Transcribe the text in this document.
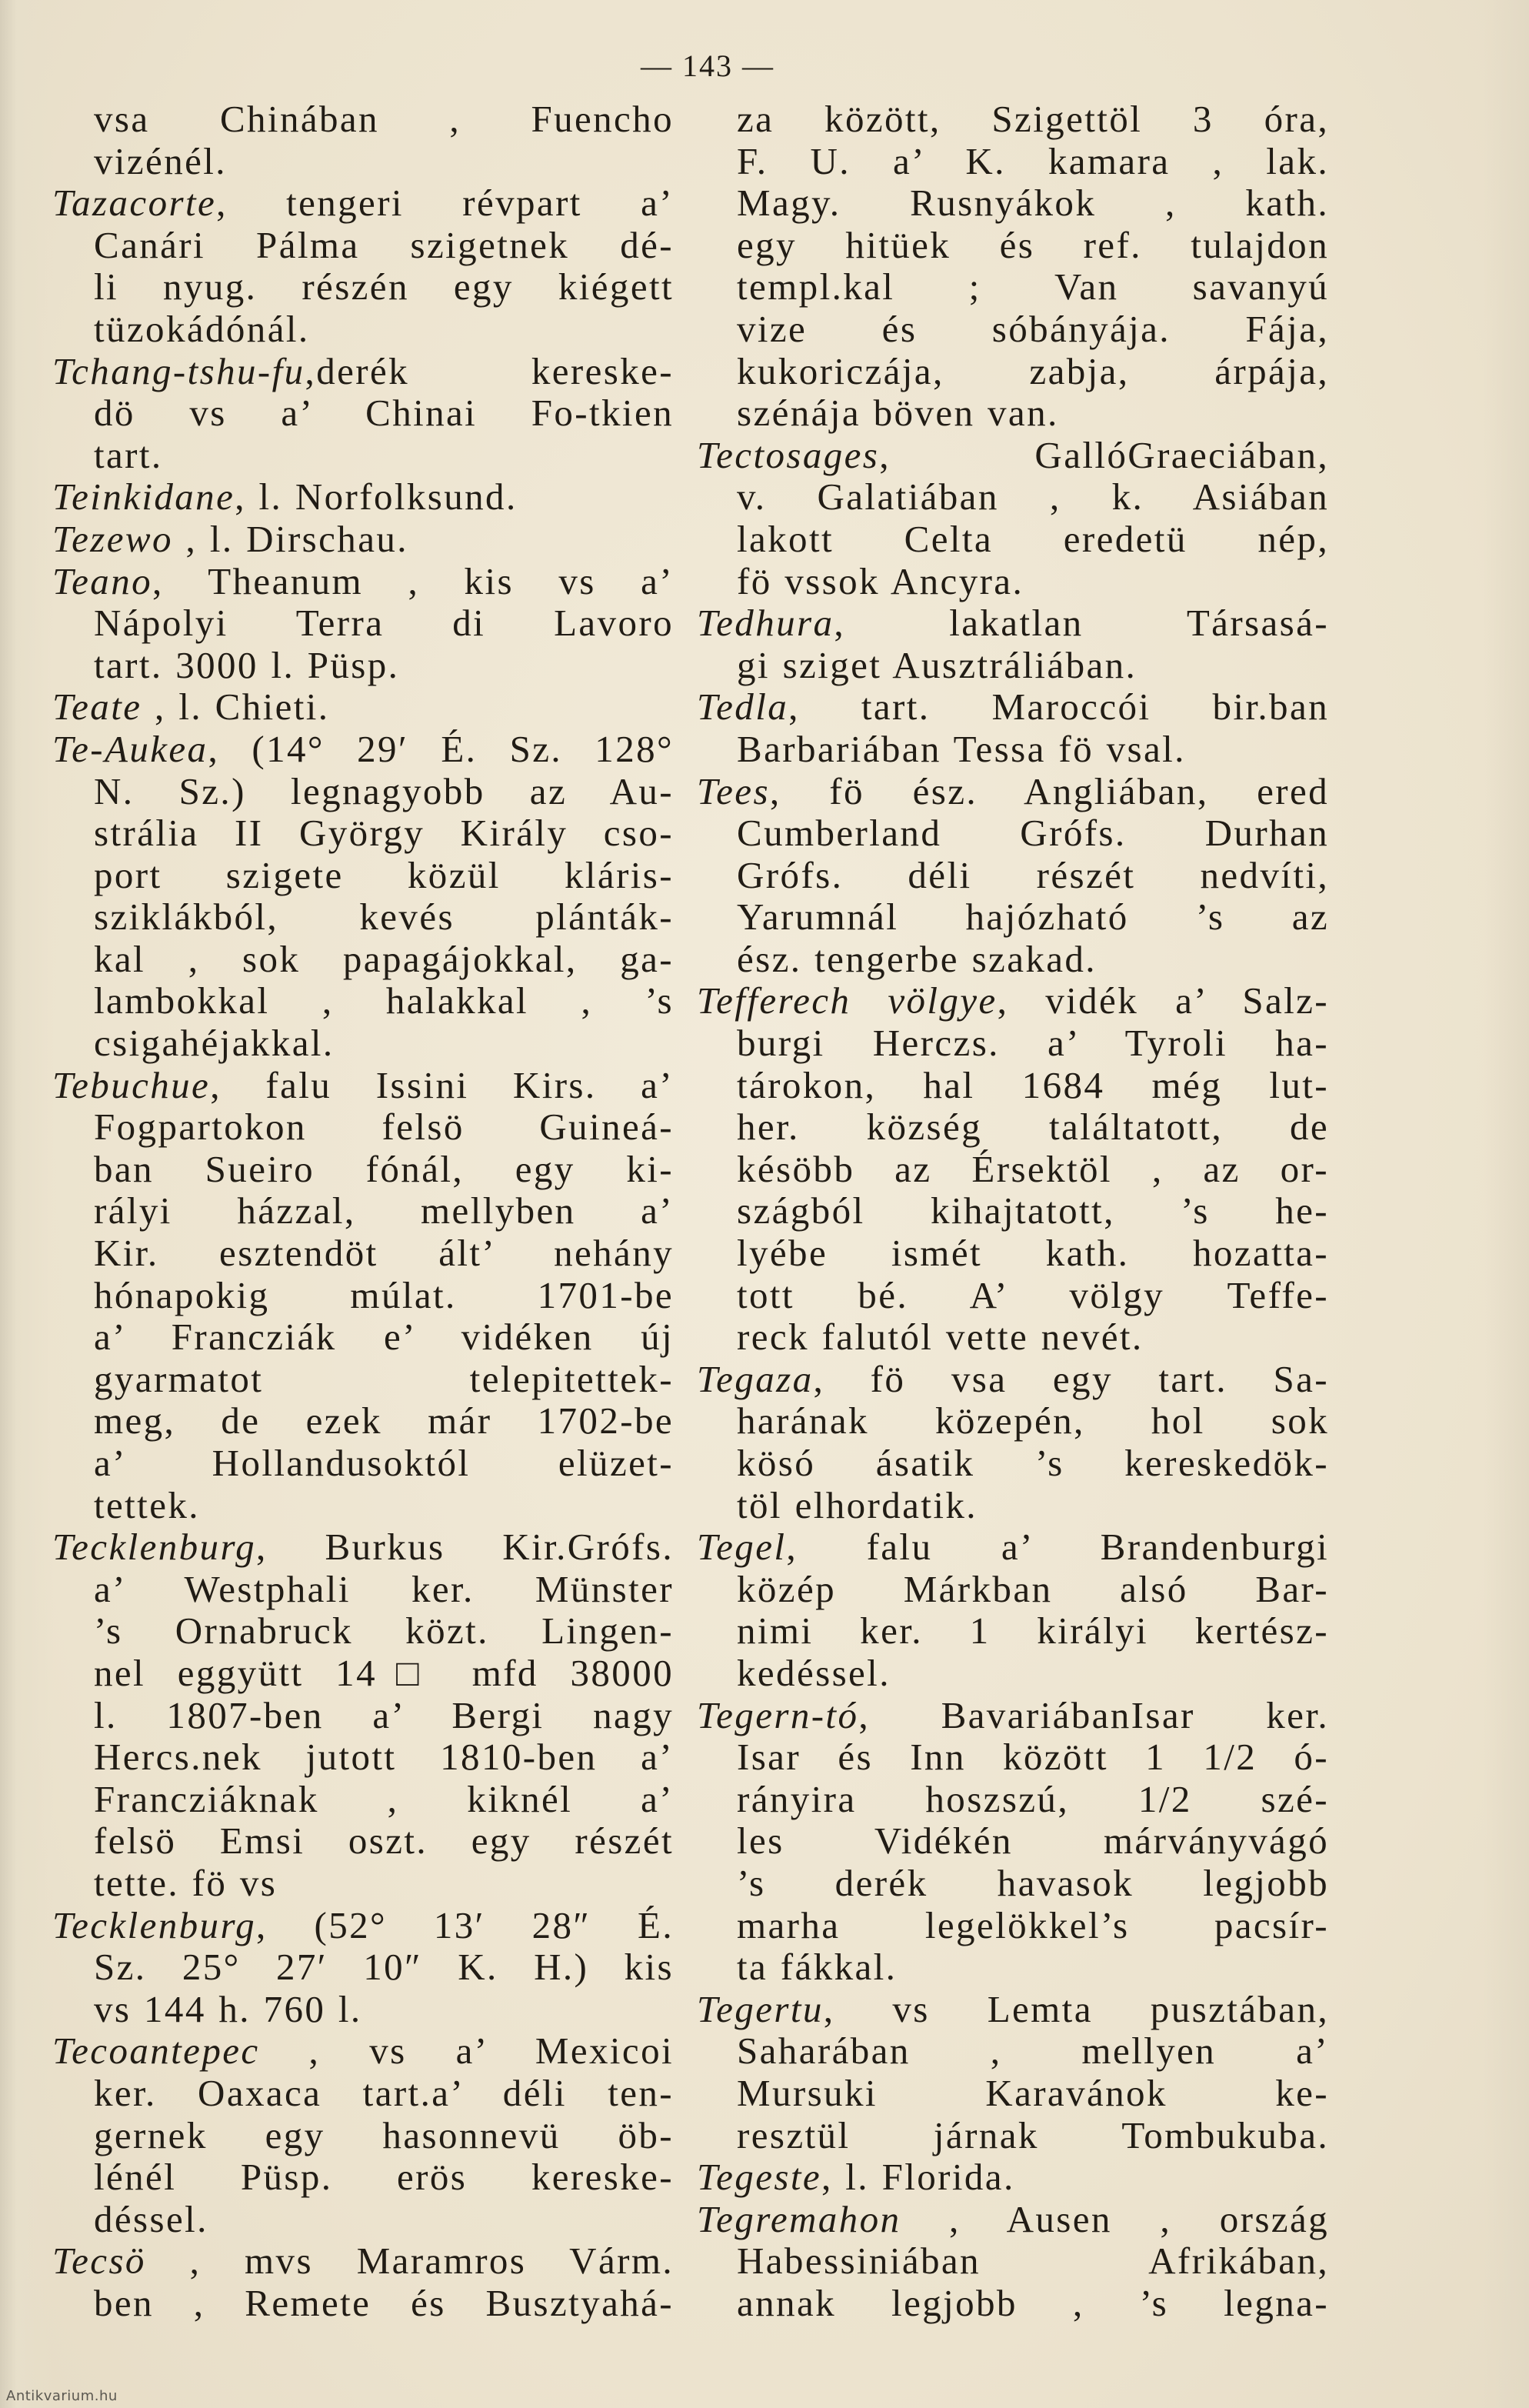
— 143 —
vsa Chinában , Fuencho
vizénél.
Tazacorte, tengeri révpart a’
Canári Pálma szigetnek dé-
li nyug. részén egy kiégett
tüzokádónál.
Tchang-tshu-fu,derék kereske-
dö vs a’ Chinai Fo-tkien
tart.
Teinkidane, l. Norfolksund.
Tezewo , l. Dirschau.
Teano, Theanum , kis vs a’
Nápolyi Terra di Lavoro
tart. 3000 l. Püsp.
Teate , l. Chieti.
Te-Aukea, (14° 29′ É. Sz. 128°
N. Sz.) legnagyobb az Au-
strália II György Király cso-
port szigete közül kláris-
sziklákból, kevés plánták-
kal , sok papagájokkal, ga-
lambokkal , halakkal , ’s
csigahéjakkal.
Tebuchue, falu Issini Kirs. a’
Fogpartokon felsö Guineá-
ban Sueiro fónál, egy ki-
rályi házzal, mellyben a’
Kir. esztendöt ált’ nehány
hónapokig múlat. 1701-be
a’ Francziák e’ vidéken új
gyarmatot telepitettek-
meg, de ezek már 1702-be
a’ Hollandusoktól elüzet-
tettek.
Tecklenburg, Burkus Kir.Grófs.
a’ Westphali ker. Münster
’s Ornabruck közt. Lingen-
nel eggyütt 14□ mfd 38000
l. 1807-ben a’ Bergi nagy
Hercs.nek jutott 1810-ben a’
Francziáknak , kiknél a’
felsö Emsi oszt. egy részét
tette. fö vs
Tecklenburg, (52° 13′ 28″ É.
Sz. 25° 27′ 10″ K. H.) kis
vs 144 h. 760 l.
Tecoantepec , vs a’ Mexicoi
ker. Oaxaca tart.a’ déli ten-
gernek egy hasonnevü öb-
lénél Püsp. erös kereske-
déssel.
Tecsö , mvs Maramros Várm.
ben , Remete és Busztyahá-
za között, Szigettöl 3 óra,
F. U. a’ K. kamara , lak.
Magy. Rusnyákok , kath.
egy hitüek és ref. tulajdon
templ.kal ; Van savanyú
vize és sóbányája. Fája,
kukoriczája, zabja, árpája,
szénája böven van.
Tectosages, GallóGraeciában,
v. Galatiában , k. Asiában
lakott Celta eredetü nép,
fö vssok Ancyra.
Tedhura, lakatlan Társasá-
gi sziget Ausztráliában.
Tedla, tart. Maroccói bir.ban
Barbariában Tessa fö vsal.
Tees, fö ész. Angliában, ered
Cumberland Grófs. Durhan
Grófs. déli részét nedvíti,
Yarumnál hajózható ’s az
ész. tengerbe szakad.
Tefferech völgye, vidék a’ Salz-
burgi Herczs. a’ Tyroli ha-
tárokon, hal 1684 még lut-
her. község találtatott, de
késöbb az Érsektöl , az or-
szágból kihajtatott, ’s he-
lyébe ismét kath. hozatta-
tott bé. A’ völgy Teffe-
reck falutól vette nevét.
Tegaza, fö vsa egy tart. Sa-
harának közepén, hol sok
kösó ásatik ’s kereskedök-
töl elhordatik.
Tegel, falu a’ Brandenburgi
közép Márkban alsó Bar-
nimi ker. 1 királyi kertész-
kedéssel.
Tegern-tó, BavariábanIsar ker.
Isar és Inn között 1 1/2 ó-
rányira hoszszú, 1/2 szé-
les Vidékén márványvágó
’s derék havasok legjobb
marha legelökkel’s pacsír-
ta fákkal.
Tegertu, vs Lemta pusztában,
Saharában , mellyen a’
Mursuki Karavánok ke-
resztül járnak Tombukuba.
Tegeste, l. Florida.
Tegremahon , Ausen , ország
Habessiniában Afrikában,
annak legjobb , ’s legna-
Antikvarium.hu
